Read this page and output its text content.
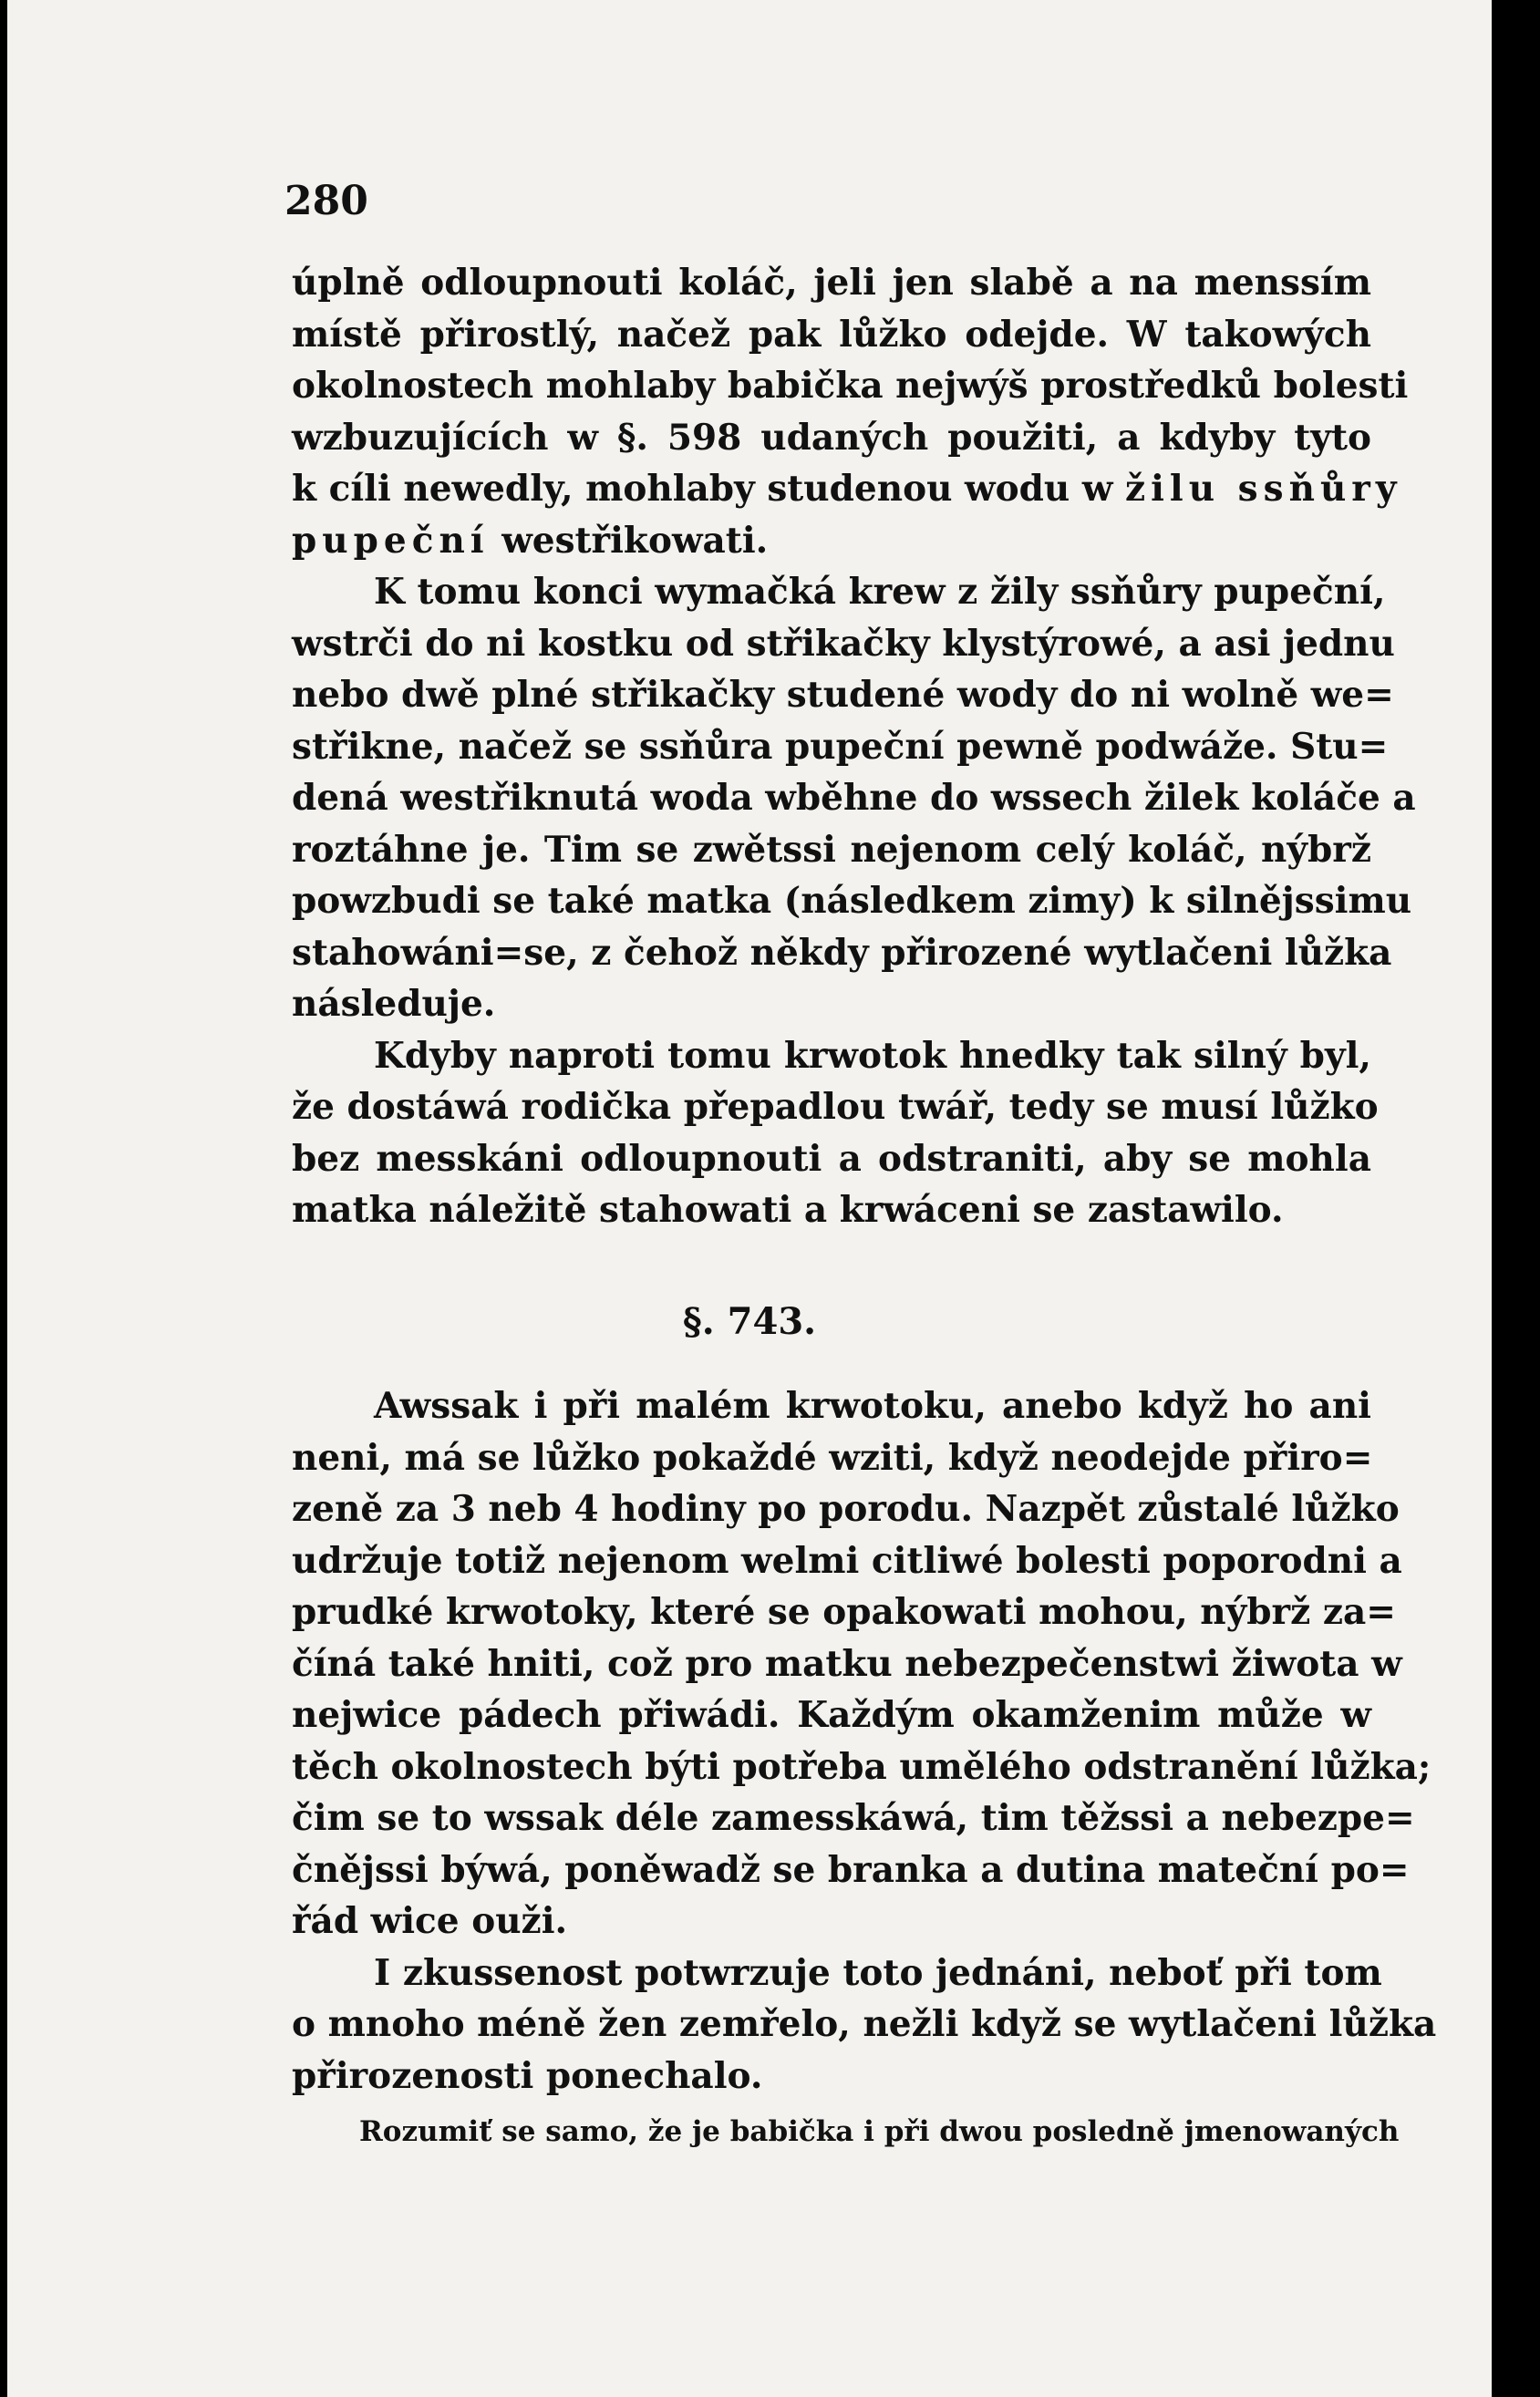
280
úplně odloupnouti koláč, jeli jen slabě a na menssím
místě přirostlý, načež pak lůžko odejde. W takowých
okolnostech mohlaby babička nejwýš prostředků bolesti
wzbuzujících w §. 598 udaných použiti, a kdyby tyto
k cíli newedly, mohlaby studenou wodu w žilu ssňůry
pupeční westřikowati.
K tomu konci wymačká krew z žily ssňůry pupeční,
wstrči do ni kostku od střikačky klystýrowé, a asi jednu
nebo dwě plné střikačky studené wody do ni wolně we=
střikne, načež se ssňůra pupeční pewně podwáže. Stu=
dená westřiknutá woda wběhne do wssech žilek koláče a
roztáhne je. Tim se zwětssi nejenom celý koláč, nýbrž
powzbudi se také matka (následkem zimy) k silnějssimu
stahowáni=se, z čehož někdy přirozené wytlačeni lůžka
následuje.
Kdyby naproti tomu krwotok hnedky tak silný byl,
že dostáwá rodička přepadlou twář, tedy se musí lůžko
bez messkáni odloupnouti a odstraniti, aby se mohla
matka náležitě stahowati a krwáceni se zastawilo.
§. 743.
Awssak i při malém krwotoku, anebo když ho ani
neni, má se lůžko pokaždé wziti, když neodejde přiro=
zeně za 3 neb 4 hodiny po porodu. Nazpět zůstalé lůžko
udržuje totiž nejenom welmi citliwé bolesti poporodni a
prudké krwotoky, které se opakowati mohou, nýbrž za=
číná také hniti, což pro matku nebezpečenstwi žiwota w
nejwice pádech přiwádi. Každým okamženim může w
těch okolnostech býti potřeba umělého odstranění lůžka;
čim se to wssak déle zamesskáwá, tim těžssi a nebezpe=
čnějssi býwá, poněwadž se branka a dutina mateční po=
řád wice ouži.
I zkussenost potwrzuje toto jednáni, neboť při tom
o mnoho méně žen zemřelo, nežli když se wytlačeni lůžka
přirozenosti ponechalo.
Rozumiť se samo, že je babička i při dwou posledně jmenowaných
